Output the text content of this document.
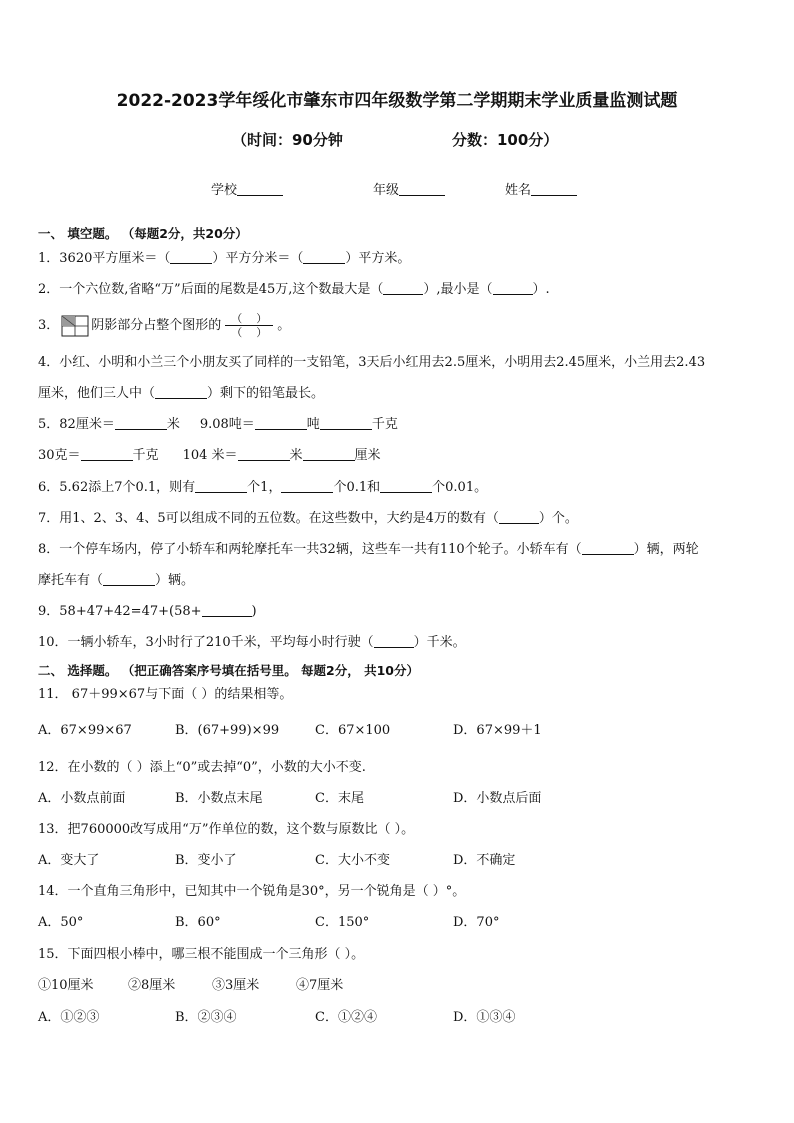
2022-2023学年绥化市肇东市四年级数学第二学期期末学业质量监测试题
（时间：90分钟	分数：100分）
学校	年级	姓名
一、 填空题。 （每题2分，共20分）
1．3620平方厘米＝（	）平方分米＝（	）平方米。
2．一个六位数,省略“万”后面的尾数是45万,这个数最大是（	）,最小是（	）.
3． 阴影部分占整个图形的 $\frac{( )}{( )}$ 。
4．小红、小明和小兰三个小朋友买了同样的一支铅笔，3天后小红用去2.5厘米，小明用去2.45厘米，小兰用去2.43
厘米，他们三人中（	）剩下的铅笔最长。
5．82厘米＝	米 9.08吨＝	吨	千克
30克＝	千克 104 米＝	米	厘米
6．5.62添上7个0.1，则有	个1，	个0.1和	个0.01。
7．用1、2、3、4、5可以组成不同的五位数。在这些数中，大约是4万的数有（	）个。
8．一个停车场内，停了小轿车和两轮摩托车一共32辆，这些车一共有110个轮子。小轿车有（	）辆，两轮
摩托车有（	）辆。
9．58+47+42=47+(58+	)
10．一辆小轿车，3小时行了210千米，平均每小时行驶（	）千米。
二、 选择题。 （把正确答案序号填在括号里。 每题2分， 共10分）
11． 67＋99×67与下面（ ）的结果相等。
A．67×99×67	B．(67+99)×99	C．67×100	D．67×99＋1
12．在小数的（ ）添上“0”或去掉“0”，小数的大小不变.
A．小数点前面	B．小数点末尾	C．末尾	D．小数点后面
13．把760000改写成用“万”作单位的数，这个数与原数比（ ）。
A．变大了	B．变小了	C．大小不变	D．不确定
14．一个直角三角形中，已知其中一个锐角是30°，另一个锐角是（ ）°。
A．50°	B．60°	C．150°	D．70°
15．下面四根小棒中，哪三根不能围成一个三角形（ ）。
①10厘米	②8厘米	③3厘米	④7厘米
A．①②③	B．②③④	C．①②④	D．①③④
